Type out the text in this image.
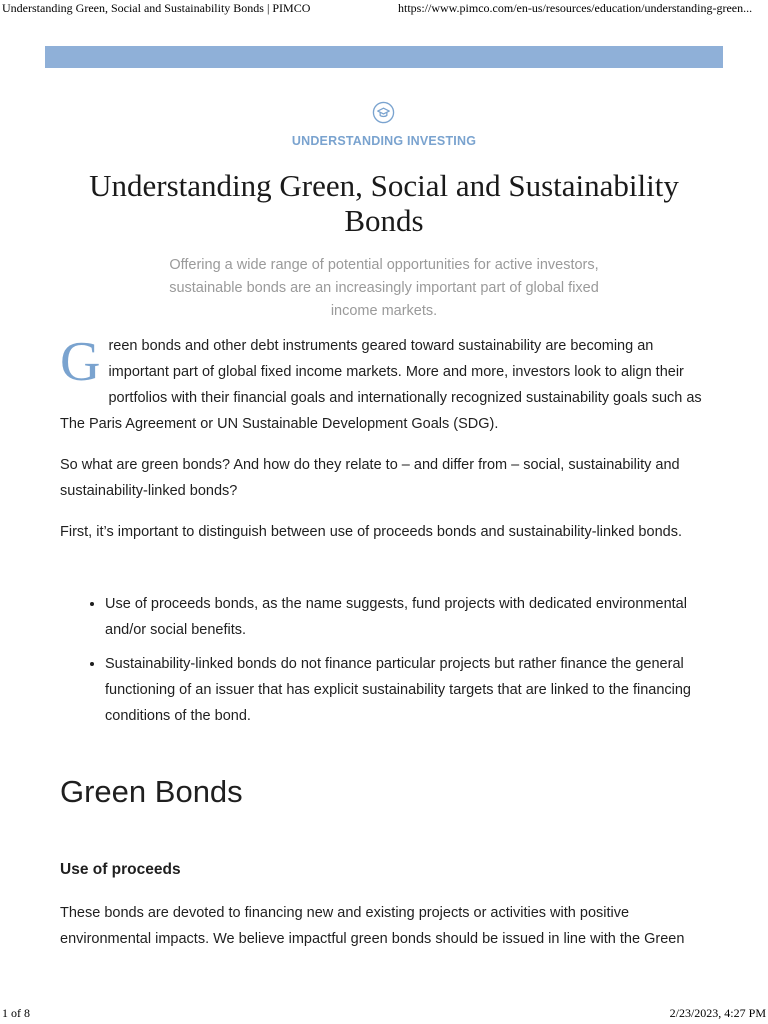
Understanding Green, Social and Sustainability Bonds | PIMCO	https://www.pimco.com/en-us/resources/education/understanding-green...
UNDERSTANDING INVESTING
Understanding Green, Social and Sustainability Bonds

Offering a wide range of potential opportunities for active investors, sustainable bonds are an increasingly important part of global fixed income markets.

G reen bonds and other debt instruments geared toward sustainability are becoming an important part of global fixed income markets. More and more, investors look to align their portfolios with their financial goals and internationally recognized sustainability goals such as The Paris Agreement or UN Sustainable Development Goals (SDG).

So what are green bonds? And how do they relate to – and differ from – social, sustainability and sustainability-linked bonds?

First, it’s important to distinguish between use of proceeds bonds and sustainability-linked bonds.

• Use of proceeds bonds, as the name suggests, fund projects with dedicated environmental and/or social benefits.
• Sustainability-linked bonds do not finance particular projects but rather finance the general functioning of an issuer that has explicit sustainability targets that are linked to the financing conditions of the bond.
Green Bonds
Use of proceeds

These bonds are devoted to financing new and existing projects or activities with positive environmental impacts. We believe impactful green bonds should be issued in line with the Green

1 of 8	2/23/2023, 4:27 PM
